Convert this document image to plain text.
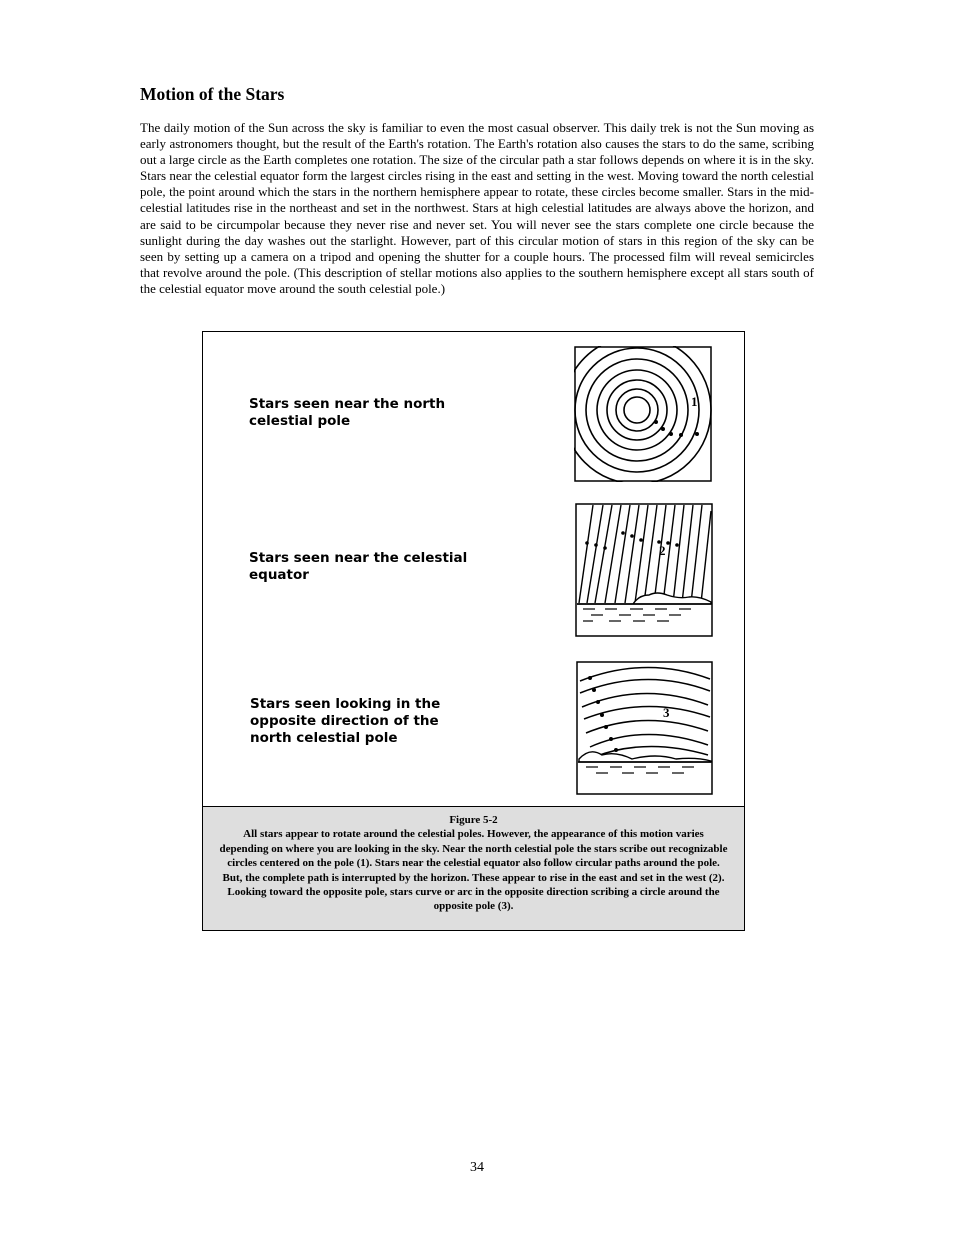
Motion of the Stars

The daily motion of the Sun across the sky is familiar to even the most casual observer. This daily trek is not the Sun moving as early astronomers thought, but the result of the Earth's rotation. The Earth's rotation also causes the stars to do the same, scribing out a large circle as the Earth completes one rotation. The size of the circular path a star follows depends on where it is in the sky. Stars near the celestial equator form the largest circles rising in the east and setting in the west. Moving toward the north celestial pole, the point around which the stars in the northern hemisphere appear to rotate, these circles become smaller. Stars in the mid-celestial latitudes rise in the northeast and set in the northwest. Stars at high celestial latitudes are always above the horizon, and are said to be circumpolar because they never rise and never set. You will never see the stars complete one circle because the sunlight during the day washes out the starlight. However, part of this circular motion of stars in this region of the sky can be seen by setting up a camera on a tripod and opening the shutter for a couple hours. The processed film will reveal semicircles that revolve around the pole. (This description of stellar motions also applies to the southern hemisphere except all stars south of the celestial equator move around the south celestial pole.)

Stars seen near the north celestial pole

Stars seen near the celestial equator

Stars seen looking in the opposite direction of the north celestial pole

1
2
3
Figure 5-2
All stars appear to rotate around the celestial poles. However, the appearance of this motion varies depending on where you are looking in the sky. Near the north celestial pole the stars scribe out recognizable circles centered on the pole (1). Stars near the celestial equator also follow circular paths around the pole. But, the complete path is interrupted by the horizon. These appear to rise in the east and set in the west (2). Looking toward the opposite pole, stars curve or arc in the opposite direction scribing a circle around the opposite pole (3).

34
